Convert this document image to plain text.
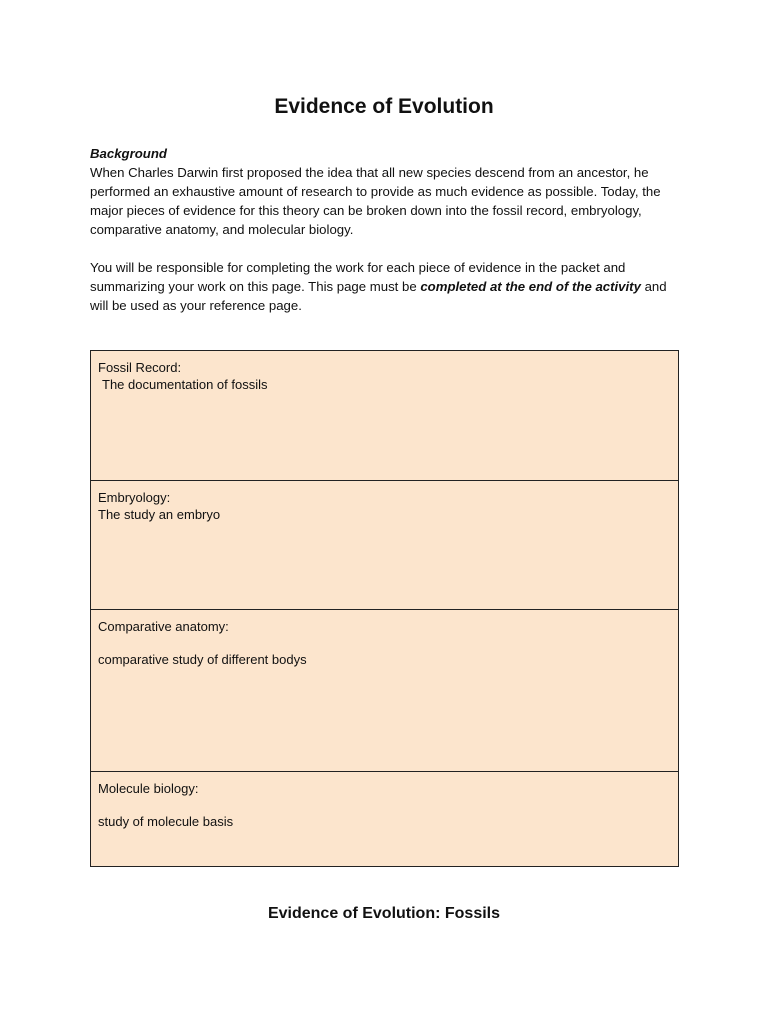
Evidence of Evolution
Background

When Charles Darwin first proposed the idea that all new species descend from an ancestor, he performed an exhaustive amount of research to provide as much evidence as possible. Today, the major pieces of evidence for this theory can be broken down into the fossil record, embryology, comparative anatomy, and molecular biology.

You will be responsible for completing the work for each piece of evidence in the packet and summarizing your work on this page. This page must be completed at the end of the activity and will be used as your reference page.

Fossil Record:
The documentation of fossils
Embryology:
The study an embryo
Comparative anatomy:
comparative study of different bodys
Molecule biology:
study of molecule basis
Evidence of Evolution: Fossils
